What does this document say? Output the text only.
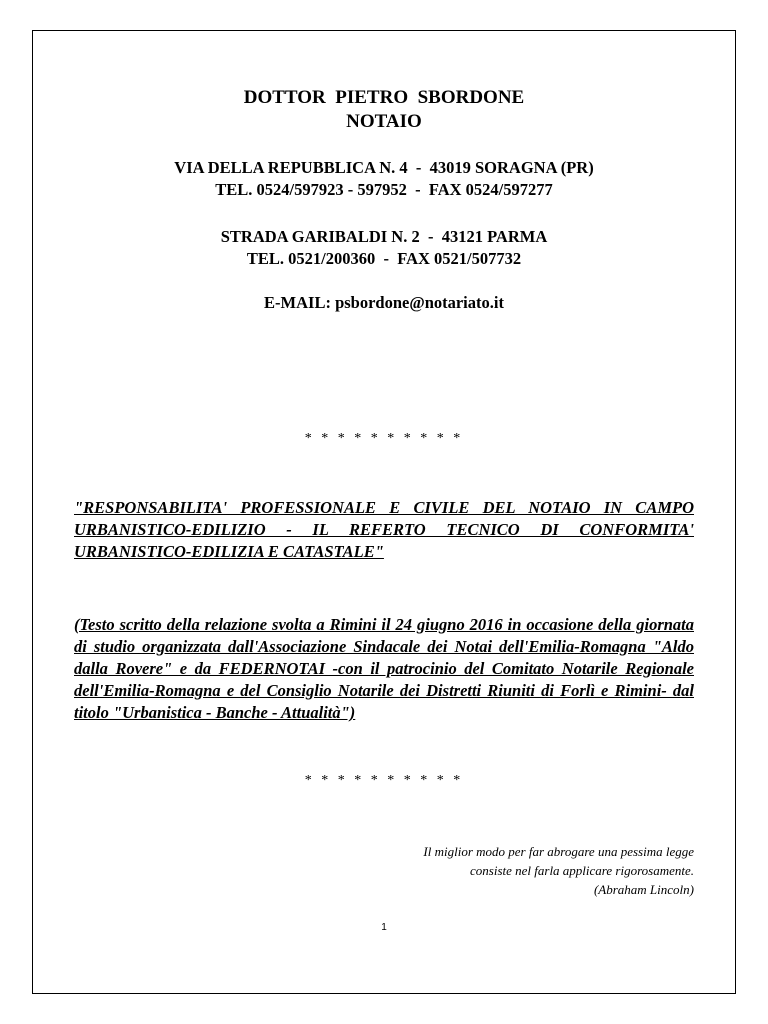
DOTTOR  PIETRO  SBORDONE
NOTAIO
VIA DELLA REPUBBLICA N. 4  -  43019 SORAGNA (PR)
TEL. 0524/597923 - 597952  -  FAX 0524/597277
STRADA GARIBALDI N. 2  -  43121 PARMA
TEL. 0521/200360  -  FAX 0521/507732
E-MAIL: psbordone@notariato.it
* * * * * * * * * *
"RESPONSABILITA' PROFESSIONALE E CIVILE DEL NOTAIO IN CAMPO URBANISTICO-EDILIZIO - IL REFERTO TECNICO DI CONFORMITA' URBANISTICO-EDILIZIA E CATASTALE"
(Testo scritto della relazione svolta a Rimini il 24 giugno 2016 in occasione della giornata di studio organizzata dall'Associazione Sindacale dei Notai dell'Emilia-Romagna "Aldo dalla Rovere" e da FEDERNOTAI -con il patrocinio del Comitato Notarile Regionale dell'Emilia-Romagna e del Consiglio Notarile dei Distretti Riuniti di Forlì e Rimini- dal titolo "Urbanistica - Banche - Attualità")
* * * * * * * * * *
Il miglior modo per far abrogare una pessima legge
consiste nel farla applicare rigorosamente.
(Abraham Lincoln)
1
